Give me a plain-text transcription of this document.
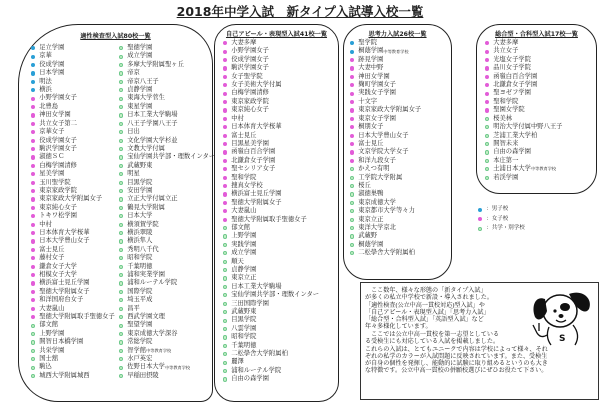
2018年中学入試　新タイプ入試導入校一覧
適性検査型入試80校一覧
足立学園
京華
佼成学園
日本学園
明法
横浜
小野学園女子
北豊島
神田女学園
共立女子第二
京華女子
佼成学園女子
駒沢学園女子
淑徳ＳＣ
白梅学園清修
星美学園
玉川聖学院
東京家政学院
東京家政大学附属女子
東京純心女子
トキワ松学園
中村
日本体育大学桜華
日本大学豊山女子
富士見丘
藤村女子
鎌倉女子大学
相模女子大学
横浜富士見丘学園
聖徳大学附属女子
和洋国府台女子
大妻嵐山
聖徳大学附属取手聖徳女子
郁文館
上野学園
開智日本橋学園
共栄学園
国士舘
駒込
城西大学附属城西
聖徳学園
成立学園
多摩大学附属聖ヶ丘
帝京
帝京八王子
貞静学園
東海大学菅生
東星学園
日本工業大学駒場
八王子学園八王子
日出
文化学園大学杉並
文教大学付属
宝仙学園共学部・理数インター
武蔵野東
明星
目黒学院
安田学園
立正大学付属立正
鶴見大学附属
日本大学
横須賀学院
横浜翠陵
横浜隼人
秀明八千代
昭和学院
千葉明徳
浦和実業学園
浦和ルーテル学院
国際学院
埼玉平成
昌平
西武学園文理
聖望学園
東京成徳大学深谷
常総学院
智学館 中等教育学校
水戸英宏
佐野日本大学 中等教育学校
早稲田摂陵
自己アピール・表現型入試41校一覧
大妻多摩
小野学園女子
佼成学園女子
駒沢学園女子
女子聖学院
女子美術大学付属
白梅学園清修
東京家政学院
東京純心女子
中村
日本体育大学桜華
富士見丘
目黒星美学園
函嶺白百合学園
北鎌倉女子学園
聖セシリア女子
聖和学院
捜真女学校
横浜富士見丘学園
聖徳大学附属女子
大妻嵐山
聖徳大学附属取手聖徳女子
郁文館
上野学園
実践学園
成立学園
順天
貞静学園
東京立正
日本工業大学駒場
宝仙学園共学部・理数インター
三田国際学園
武蔵野東
目黒学院
八雲学園
昭和学院
千葉明徳
二松學舎大学附属柏
麗澤
浦和ルーテル学院
自由の森学園
思考力入試26校一覧
聖学院
桐蔭学園 中等教育学校
跡見学園
大妻中野
神田女学園
麹町学園女子
実践女子学園
十文字
東京家政大学附属女子
東京女子学園
桐朋女子
日本大学豊山女子
富士見丘
文京学院大学女子
和洋九段女子
かえつ有明
工学院大学附属
桜丘
淑徳巣鴨
東京成徳大学
東京都市大学等々力
東京立正
東洋大学京北
武蔵野
桐蔭学園
二松學舎大学附属柏
総合型・合科型入試17校一覧
大妻多摩
共立女子
光塩女子学院
品川女子学院
函嶺白百合学園
北鎌倉女子学園
聖ヨゼフ学園
聖和学院
聖園女学院
桜美林
明治大学付属中野八王子
芝浦工業大学柏
開智未来
自由の森学園
本庄第一
土浦日本大学 中等教育学校
若渓学園
：男子校
：女子校
：共学・別学校
　ここ数年、様々な形態の「新タイプ入試」
が多くの私立中学校で新設・導入されました。
「適性検査(公立中高一貫校対応)型入試」や
「自己アピール・表現型入試」「思考力入試」
「総合型・合科型入試」「英語型入試」など
年々多様化しています。
　ここでは公立中高一貫校を第一志望としている
る受検生にも対応している入試を掲載しました。
これらの入試は、とてもユニークで内容は学校によって様々、それ
ぞれの私学のカラーが入試問題に反映されています。また、受検生
が自身の個性を発揮し、能動的に試験に取り組めるというのも大き
な特徴です。公立中高一貫校の併願校選びにぜひお役たて下さい。
S
